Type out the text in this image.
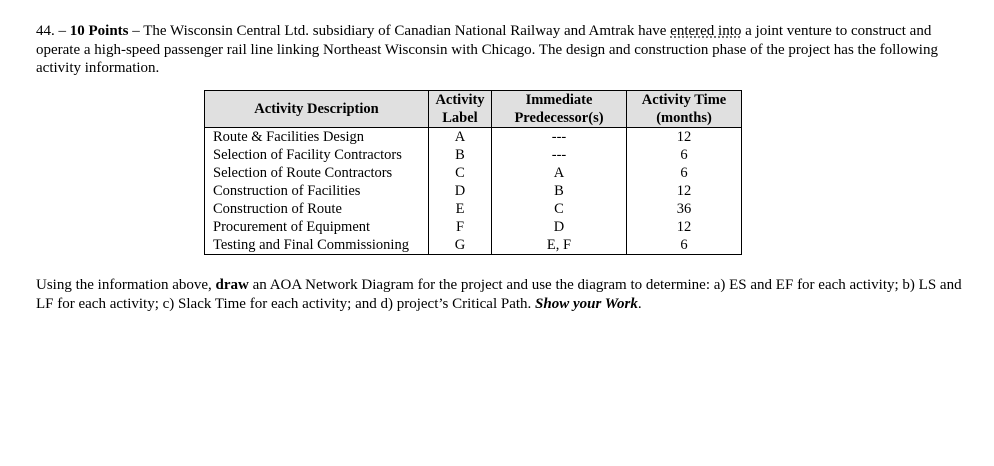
44. – 10 Points – The Wisconsin Central Ltd. subsidiary of Canadian National Railway and Amtrak have entered into a joint venture to construct and operate a high-speed passenger rail line linking Northeast Wisconsin with Chicago. The design and construction phase of the project has the following activity information.
Activity Description	Activity Label	Immediate Predecessor(s)	Activity Time (months)
Route & Facilities Design	A	---	12
Selection of Facility Contractors	B	---	6
Selection of Route Contractors	C	A	6
Construction of Facilities	D	B	12
Construction of Route	E	C	36
Procurement of Equipment	F	D	12
Testing and Final Commissioning	G	E, F	6
Using the information above, draw an AOA Network Diagram for the project and use the diagram to determine: a) ES and EF for each activity; b) LS and LF for each activity; c) Slack Time for each activity; and d) project’s Critical Path. Show your Work.
